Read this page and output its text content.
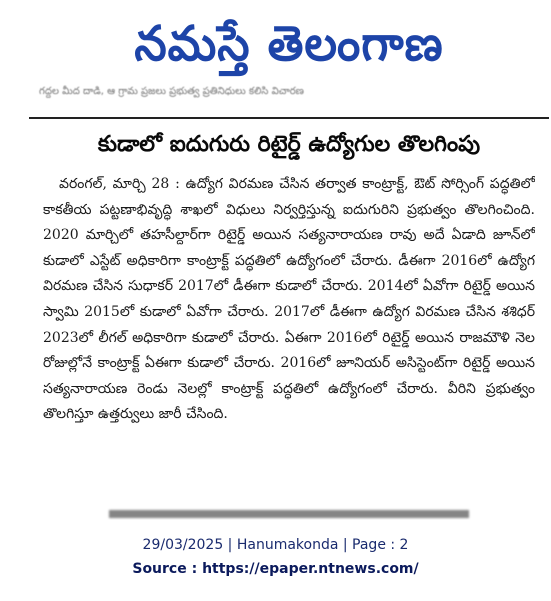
నమస్తే తెలంగాణ
గద్దల మీద దాడి, ఆ గ్రామ ప్రజలు ప్రభుత్వ ప్రతినిధులు కలిసి విచారణ
కుడాలో ఐదుగురు రిటైర్డ్ ఉద్యోగుల తొలగింపు
వరంగల్, మార్చి 28 : ఉద్యోగ విరమణ చేసిన తర్వాత కాంట్రాక్ట్, ఔట్ సోర్సింగ్ పద్ధతిలో కాకతీయ పట్టణాభివృద్ధి శాఖలో విధులు నిర్వర్తిస్తున్న ఐదుగురిని ప్రభుత్వం తొలగించింది. 2020 మార్చిలో తహసీల్దార్‌గా రిటైర్డ్ అయిన సత్యనారాయణ రావు అదే ఏడాది జూన్‌లో కుడాలో ఎస్టేట్ అధికారిగా కాంట్రాక్ట్ పద్ధతిలో ఉద్యోగంలో చేరారు. డీఈగా 2016లో ఉద్యోగ విరమణ చేసిన సుధాకర్ 2017లో డీఈగా కుడాలో చేరారు. 2014లో ఏవోగా రిటైర్డ్ అయిన స్వామి 2015లో కుడాలో ఏవోగా చేరారు. 2017లో డీఈగా ఉద్యోగ విరమణ చేసిన శశిధర్ 2023లో లీగల్ అధికారిగా కుడాలో చేరారు. ఏఈగా 2016లో రిటైర్డ్ అయిన రాజమౌళి నెల రోజుల్లోనే కాంట్రాక్ట్ ఏఈగా కుడాలో చేరారు. 2016లో జూనియర్ అసిస్టెంట్‌గా రిటైర్డ్ అయిన సత్యనారాయణ రెండు నెలల్లో కాంట్రాక్ట్ పద్ధతిలో ఉద్యోగంలో చేరారు. వీరిని ప్రభుత్వం తొలగిస్తూ ఉత్తర్వులు జారీ చేసింది.
29/03/2025 | Hanumakonda | Page : 2
Source : https://epaper.ntnews.com/
